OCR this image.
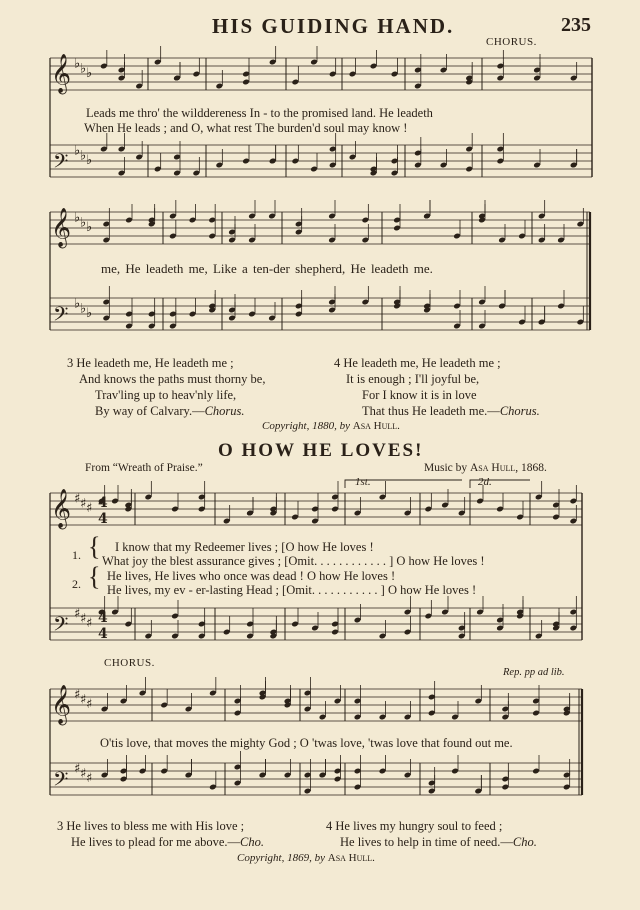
HIS GUIDING HAND.	235
CHORUS.
𝄞
𝄢
♭ ♭ ♭
♭ ♭ ♭
𝄞
𝄢
♭ ♭ ♭
♭ ♭ ♭
𝄞
𝄢
♯ ♯ ♯
♯ ♯ ♯
𝄞
𝄢
♯ ♯ ♯
♯ ♯ ♯
4
4
4
4
Leads me thro' the wilddereness In - to the promised land. He leadeth
When He leads ; and O, what rest The burden'd soul may know !
me, He leadeth me, Like a ten-der shepherd, He leadeth me.
3 He leadeth me, He leadeth me ;
And knows the paths must thorny be,
Trav'ling up to heav'nly life,
By way of Calvary.—Chorus.
4 He leadeth me, He leadeth me ;
It is enough ; I'll joyful be,
For I know it is in love
That thus He leadeth me.—Chorus.
Copyright, 1880, by Asa Hull.
O HOW HE LOVES!
From “Wreath of Praise.”	Music by Asa Hull, 1868.
1st.	2d.
1.
2.
{
{
I know that my Redeemer lives ; [O how He loves !
What joy the blest assurance gives ; [Omit. . . . . . . . . . . . ] O how He loves !
He lives, He lives who once was dead ! O how He loves !
He lives, my ev - er-lasting Head ; [Omit. . . . . . . . . . . ] O how He loves !
CHORUS.
Rep. pp ad lib.
O'tis love, that moves the mighty God ; O 'twas love, 'twas love that found out me.
3 He lives to bless me with His love ;
He lives to plead for me above.—Cho.
4 He lives my hungry soul to feed ;
He lives to help in time of need.—Cho.
Copyright, 1869, by Asa Hull.
